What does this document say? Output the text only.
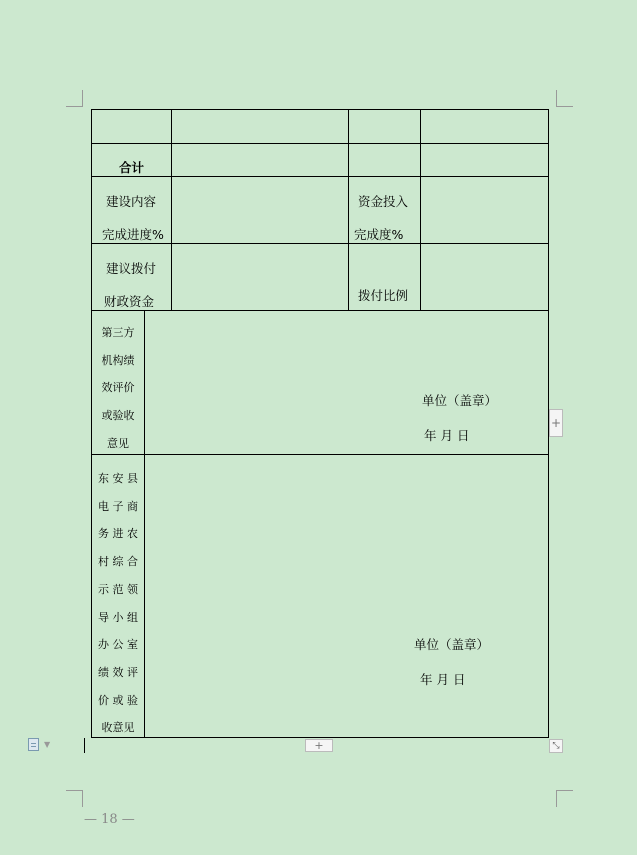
合计
建设内容
完成进度%
资金投入
完成度%
建议拨付
财政资金	拨付比例
第三方
机构绩
效评价
或验收
意见
单位（盖章）
年 月 日
东 安 县
电 子 商
务 进 农
村 综 合
示 范 领
导 小 组
办 公 室
绩 效 评
价 或 验
收意见
单位（盖章）
年 月 日
+
+	⤡
▼
— 18 —
